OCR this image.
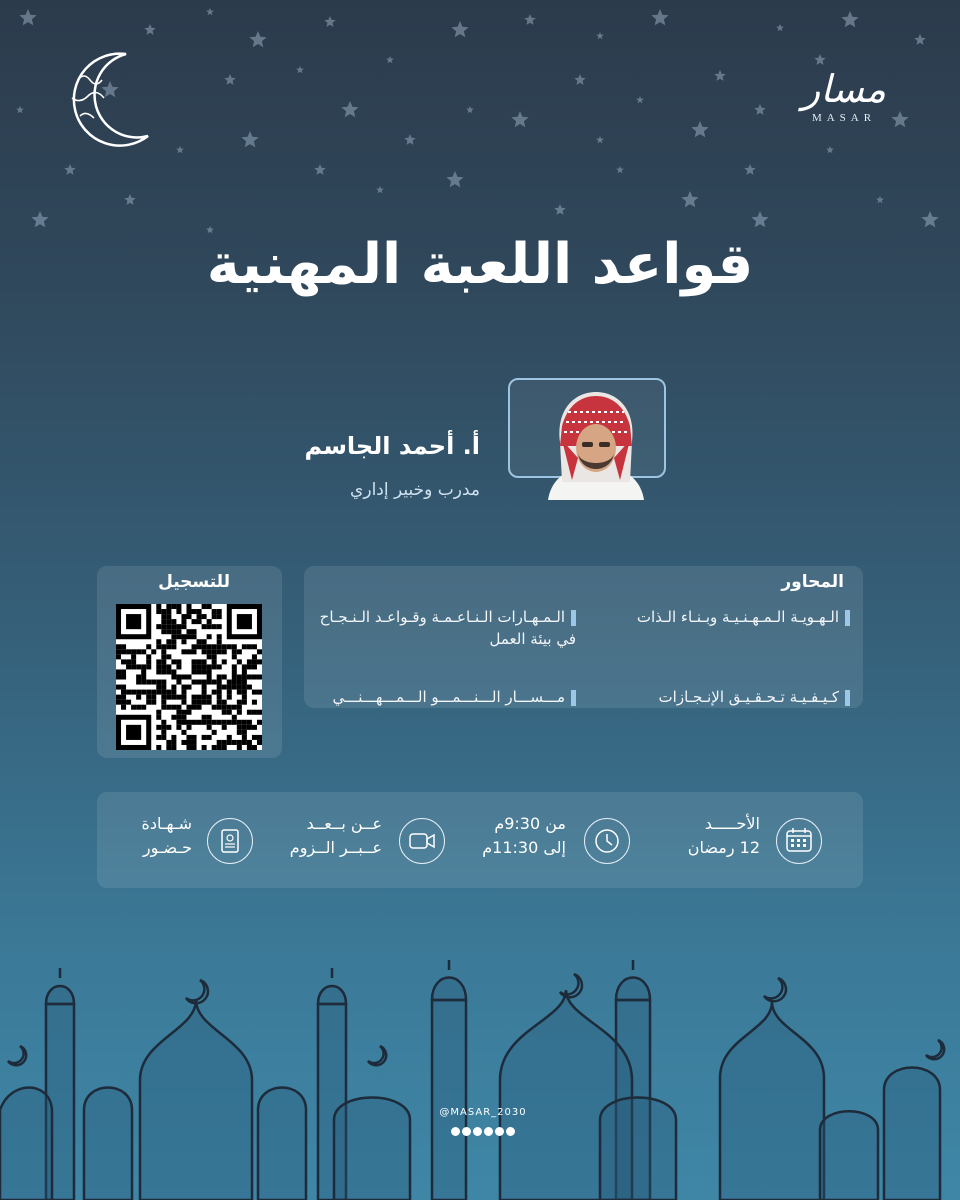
مسار
MASAR
قواعد اللعبة المهنية
أ. أحمد الجاسم
مدرب وخبير إداري
المحاور
الـهـويـة الـمـهـنـيـة وبـنـاء الـذات
الـمـهـارات الـنـاعـمـة وقـواعـد الـنـجـاح في بيئة العمل
كـيـفـيـة تـحـقـيـق الإنـجـازات
مـــســـار الـــنـــمـــو الـــمـــهـــنـــي
للتسجيل
الأحـــــد
12 رمضان
من 9:30م
إلى 11:30م
عــن بــعــد
عــبــر الــزوم
شـهـادة
حـضـور
@MASAR_2030
